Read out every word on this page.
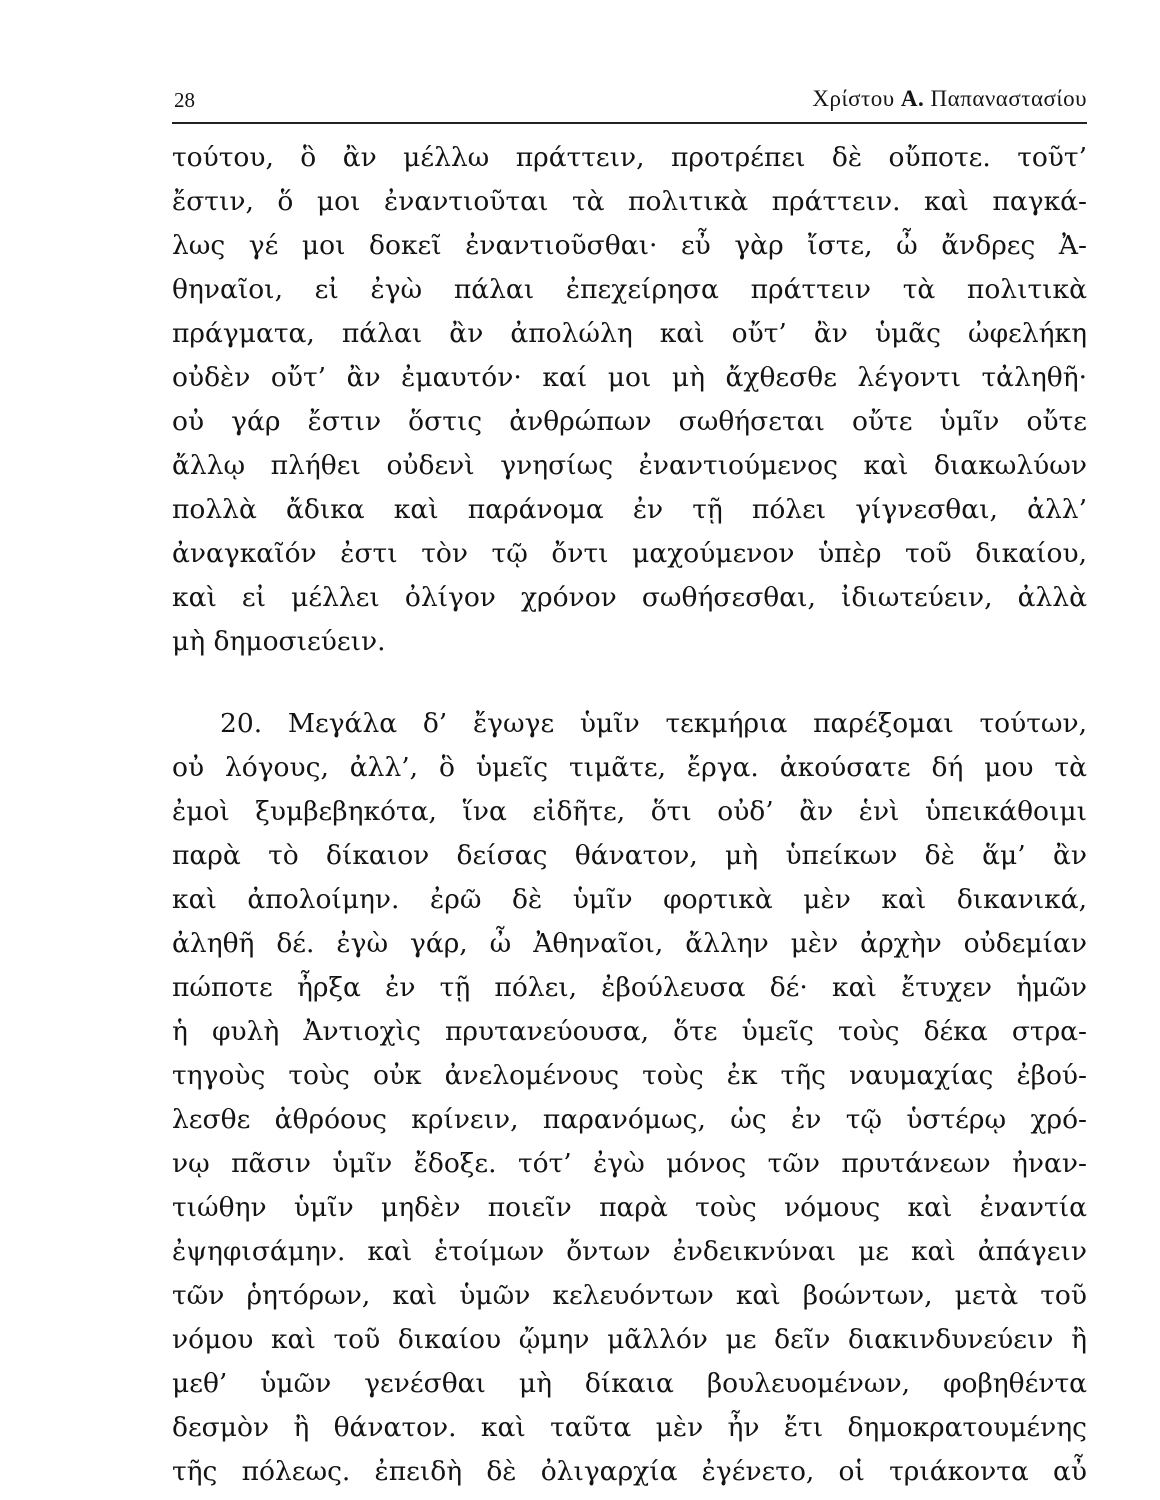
28	Χρίστου Α. Παπαναστασίου
τούτου, ὃ ἂν μέλλω πράττειν, προτρέπει δὲ οὔποτε. τοῦτ’
ἔστιν, ὅ μοι ἐναντιοῦται τὰ πολιτικὰ πράττειν. καὶ παγκά-
λως γέ μοι δοκεῖ ἐναντιοῦσθαι· εὖ γὰρ ἴστε, ὦ ἄνδρες Ἀ-
θηναῖοι, εἰ ἐγὼ πάλαι ἐπεχείρησα πράττειν τὰ πολιτικὰ
πράγματα, πάλαι ἂν ἀπολώλη καὶ οὔτ’ ἂν ὑμᾶς ὠφελήκη
οὐδὲν οὔτ’ ἂν ἐμαυτόν· καί μοι μὴ ἄχθεσθε λέγοντι τἀληθῆ·
οὐ γάρ ἔστιν ὅστις ἀνθρώπων σωθήσεται οὔτε ὑμῖν οὔτε
ἄλλῳ πλήθει οὐδενὶ γνησίως ἐναντιούμενος καὶ διακωλύων
πολλὰ ἄδικα καὶ παράνομα ἐν τῇ πόλει γίγνεσθαι, ἀλλ’
ἀναγκαῖόν ἐστι τὸν τῷ ὄντι μαχούμενον ὑπὲρ τοῦ δικαίου,
καὶ εἰ μέλλει ὀλίγον χρόνον σωθήσεσθαι, ἰδιωτεύειν, ἀλλὰ
μὴ δημοσιεύειν.
20. Μεγάλα δ’ ἔγωγε ὑμῖν τεκμήρια παρέξομαι τούτων,
οὐ λόγους, ἀλλ’, ὃ ὑμεῖς τιμᾶτε, ἔργα. ἀκούσατε δή μου τὰ
ἐμοὶ ξυμβεβηκότα, ἵνα εἰδῆτε, ὅτι οὐδ’ ἂν ἑνὶ ὑπεικάθοιμι
παρὰ τὸ δίκαιον δείσας θάνατον, μὴ ὑπείκων δὲ ἅμ’ ἂν
καὶ ἀπολοίμην. ἐρῶ δὲ ὑμῖν φορτικὰ μὲν καὶ δικανικά,
ἀληθῆ δέ. ἐγὼ γάρ, ὦ Ἀθηναῖοι, ἄλλην μὲν ἀρχὴν οὐδεμίαν
πώποτε ἦρξα ἐν τῇ πόλει, ἐβούλευσα δέ· καὶ ἔτυχεν ἡμῶν
ἡ φυλὴ Ἀντιοχὶς πρυτανεύουσα, ὅτε ὑμεῖς τοὺς δέκα στρα-
τηγοὺς τοὺς οὐκ ἀνελομένους τοὺς ἐκ τῆς ναυμαχίας ἐβού-
λεσθε ἀθρόους κρίνειν, παρανόμως, ὡς ἐν τῷ ὑστέρῳ χρό-
νῳ πᾶσιν ὑμῖν ἔδοξε. τότ’ ἐγὼ μόνος τῶν πρυτάνεων ἠναν-
τιώθην ὑμῖν μηδὲν ποιεῖν παρὰ τοὺς νόμους καὶ ἐναντία
ἐψηφισάμην. καὶ ἑτοίμων ὄντων ἐνδεικνύναι με καὶ ἀπάγειν
τῶν ῥητόρων, καὶ ὑμῶν κελευόντων καὶ βοώντων, μετὰ τοῦ
νόμου καὶ τοῦ δικαίου ᾤμην μᾶλλόν με δεῖν διακινδυνεύειν ἢ
μεθ’ ὑμῶν γενέσθαι μὴ δίκαια βουλευομένων, φοβηθέντα
δεσμὸν ἢ θάνατον. καὶ ταῦτα μὲν ἦν ἔτι δημοκρατουμένης
τῆς πόλεως. ἐπειδὴ δὲ ὀλιγαρχία ἐγένετο, οἱ τριάκοντα αὖ
